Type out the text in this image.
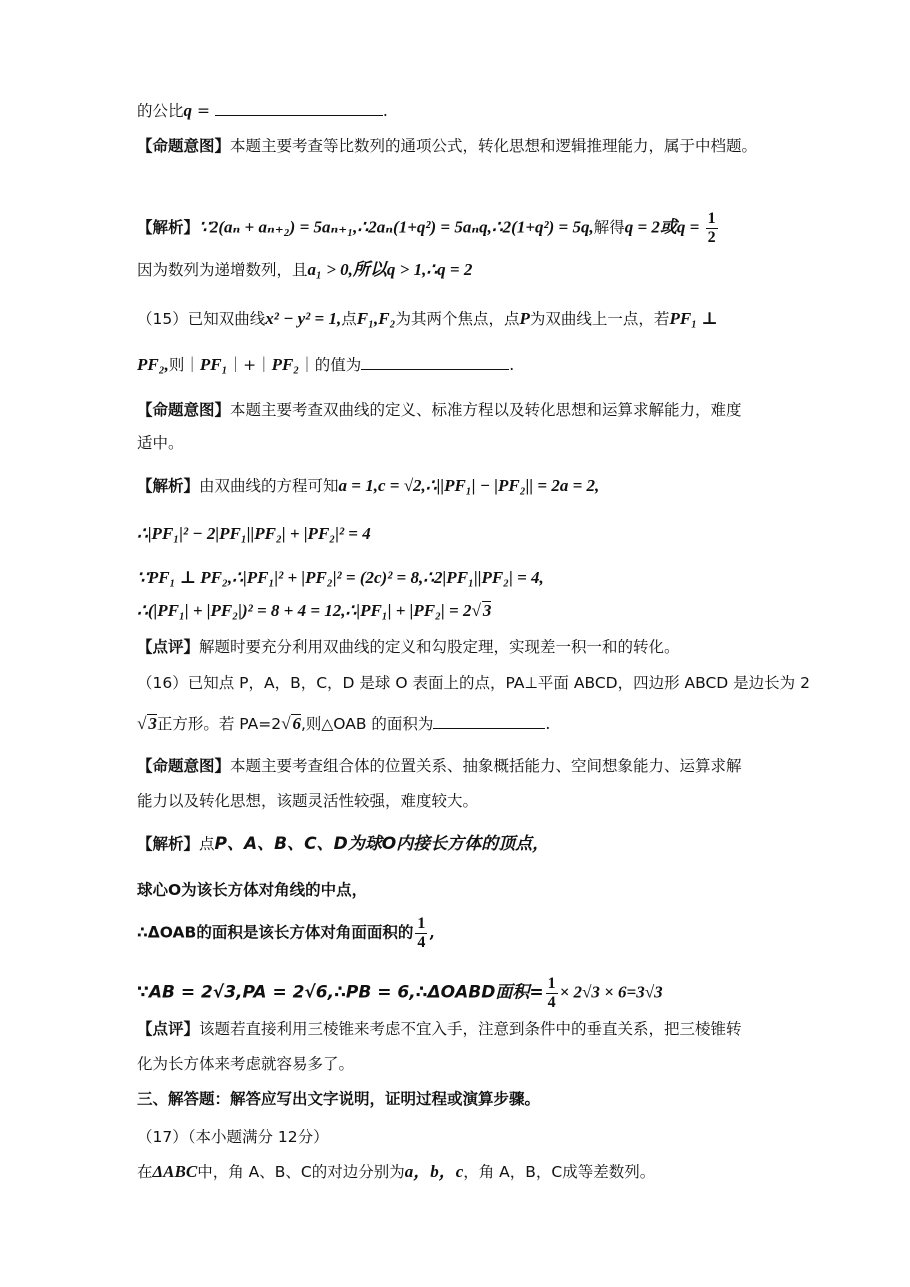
的公比q =	.
【命题意图】本题主要考查等比数列的通项公式，转化思想和逻辑推理能力，属于中档题。
【解析】∵2(aₙ + aₙ₊₂) = 5aₙ₊₁,∴2aₙ(1+q²) = 5aₙq,∴2(1+q²) = 5q,解得q = 2或$q = \frac{1}{2}$
因为数列为递增数列，且a₁ > 0,所以q > 1,∴q = 2
（15）已知双曲线x² − y² = 1,点F₁,F₂为其两个焦点，点P为双曲线上一点，若PF₁ ⊥
PF₂,则｜PF₁｜+｜PF₂｜的值为	.
【命题意图】本题主要考查双曲线的定义、标准方程以及转化思想和运算求解能力，难度
适中。
【解析】由双曲线的方程可知a = 1,c = √2,∴||PF₁| − |PF₂|| = 2a = 2,
∴|PF₁|² − 2|PF₁||PF₂| + |PF₂|² = 4
∵PF₁ ⊥ PF₂,∴|PF₁|² + |PF₂|² = (2c)² = 8,∴2|PF₁||PF₂| = 4,
∴(|PF₁| + |PF₂|)² = 8 + 4 = 12,∴|PF₁| + |PF₂| = 2√ 3
【点评】解题时要充分利用双曲线的定义和勾股定理，实现差一积一和的转化。
（16）已知点 P，A，B，C，D 是球 O 表面上的点，PA⊥平面 ABCD，四边形 ABCD 是边长为 2
√ 3正方形。若 PA=2√ 6,则△OAB 的面积为	.
【命题意图】本题主要考查组合体的位置关系、抽象概括能力、空间想象能力、运算求解
能力以及转化思想，该题灵活性较强，难度较大。
【解析】点P、A、B、C、D为球O内接长方体的顶点，
球心O为该长方体对角线的中点，
∴ΔOAB的面积是该长方体对角面面积的 $\frac{1}{4}$ ,
∵AB = 2√3,PA = 2√6,∴PB = 6,∴ΔOABD面积= $\frac{1}{4} \times 2√3 \times 6=3√3$
【点评】该题若直接利用三棱锥来考虑不宜入手，注意到条件中的垂直关系，把三棱锥转
化为长方体来考虑就容易多了。
三、解答题：解答应写出文字说明，证明过程或演算步骤。
（17）（本小题满分 12分）
在ΔABC中，角 A、B、C的对边分别为a，b，c，角 A，B，C成等差数列。
